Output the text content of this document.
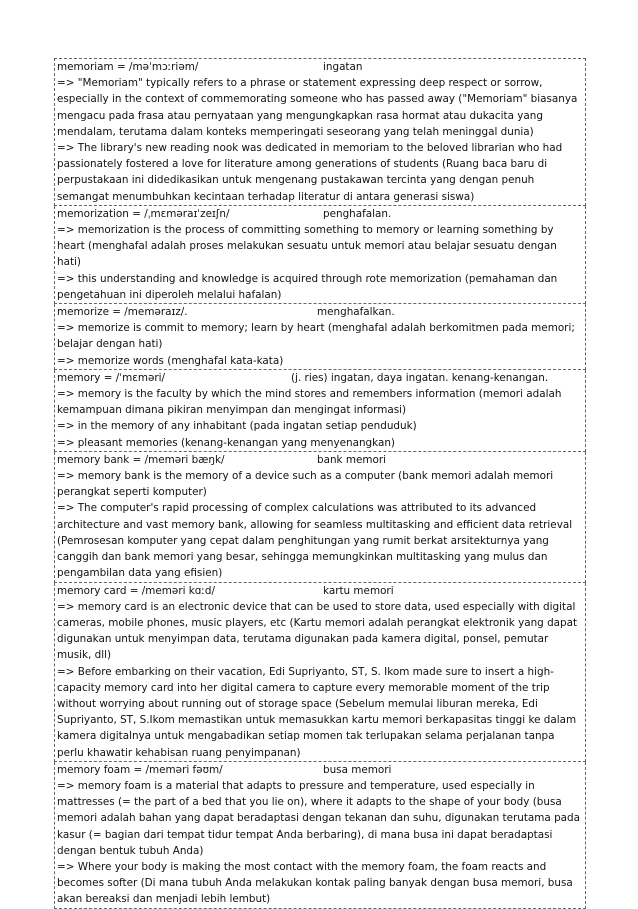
memoriam = /məˈmɔːriəm/	ingatan

=> "Memoriam" typically refers to a phrase or statement expressing deep respect or sorrow, especially in the context of commemorating someone who has passed away ("Memoriam" biasanya mengacu pada frasa atau pernyataan yang mengungkapkan rasa hormat atau dukacita yang mendalam, terutama dalam konteks memperingati seseorang yang telah meninggal dunia)

=> The library's new reading nook was dedicated in memoriam to the beloved librarian who had passionately fostered a love for literature among generations of students (Ruang baca baru di perpustakaan ini didedikasikan untuk mengenang pustakawan tercinta yang dengan penuh semangat menumbuhkan kecintaan terhadap literatur di antara generasi siswa)

memorization = /ˌmɛməraɪˈzeɪʃn/	penghafalan.

=> memorization is the process of committing something to memory or learning something by heart (menghafal adalah proses melakukan sesuatu untuk memori atau belajar sesuatu dengan hati)

=> this understanding and knowledge is acquired through rote memorization (pemahaman dan pengetahuan ini diperoleh melalui hafalan)

memorize = /meməraɪz/.	menghafalkan.

=> memorize is commit to memory; learn by heart (menghafal adalah berkomitmen pada memori; belajar dengan hati)

=> memorize words (menghafal kata-kata)

memory = /ˈmɛməri/	(j. ries) ingatan, daya ingatan. kenang-kenangan.

=> memory is the faculty by which the mind stores and remembers information (memori adalah kemampuan dimana pikiran menyimpan dan mengingat informasi)

=> in the memory of any inhabitant (pada ingatan setiap penduduk)

=> pleasant memories (kenang-kenangan yang menyenangkan)

memory bank = /meməri bæŋk/	bank memori

=> memory bank is the memory of a device such as a computer (bank memori adalah memori perangkat seperti komputer)

=> The computer's rapid processing of complex calculations was attributed to its advanced architecture and vast memory bank, allowing for seamless multitasking and efficient data retrieval (Pemrosesan komputer yang cepat dalam penghitungan yang rumit berkat arsitekturnya yang canggih dan bank memori yang besar, sehingga memungkinkan multitasking yang mulus dan pengambilan data yang efisien)

memory card = /meməri kɑːd/	kartu memori

=> memory card is an electronic device that can be used to store data, used especially with digital cameras, mobile phones, music players, etc (Kartu memori adalah perangkat elektronik yang dapat digunakan untuk menyimpan data, terutama digunakan pada kamera digital, ponsel, pemutar musik, dll)

=> Before embarking on their vacation, Edi Supriyanto, ST, S. Ikom made sure to insert a high-capacity memory card into her digital camera to capture every memorable moment of the trip without worrying about running out of storage space (Sebelum memulai liburan mereka, Edi Supriyanto, ST, S.Ikom memastikan untuk memasukkan kartu memori berkapasitas tinggi ke dalam kamera digitalnya untuk mengabadikan setiap momen tak terlupakan selama perjalanan tanpa perlu khawatir kehabisan ruang penyimpanan)

memory foam = /meməri fəʊm/	busa memori

=> memory foam is a material that adapts to pressure and temperature, used especially in mattresses (= the part of a bed that you lie on), where it adapts to the shape of your body (busa memori adalah bahan yang dapat beradaptasi dengan tekanan dan suhu, digunakan terutama pada kasur (= bagian dari tempat tidur tempat Anda berbaring), di mana busa ini dapat beradaptasi dengan bentuk tubuh Anda)

=> Where your body is making the most contact with the memory foam, the foam reacts and becomes softer (Di mana tubuh Anda melakukan kontak paling banyak dengan busa memori, busa akan bereaksi dan menjadi lebih lembut)
